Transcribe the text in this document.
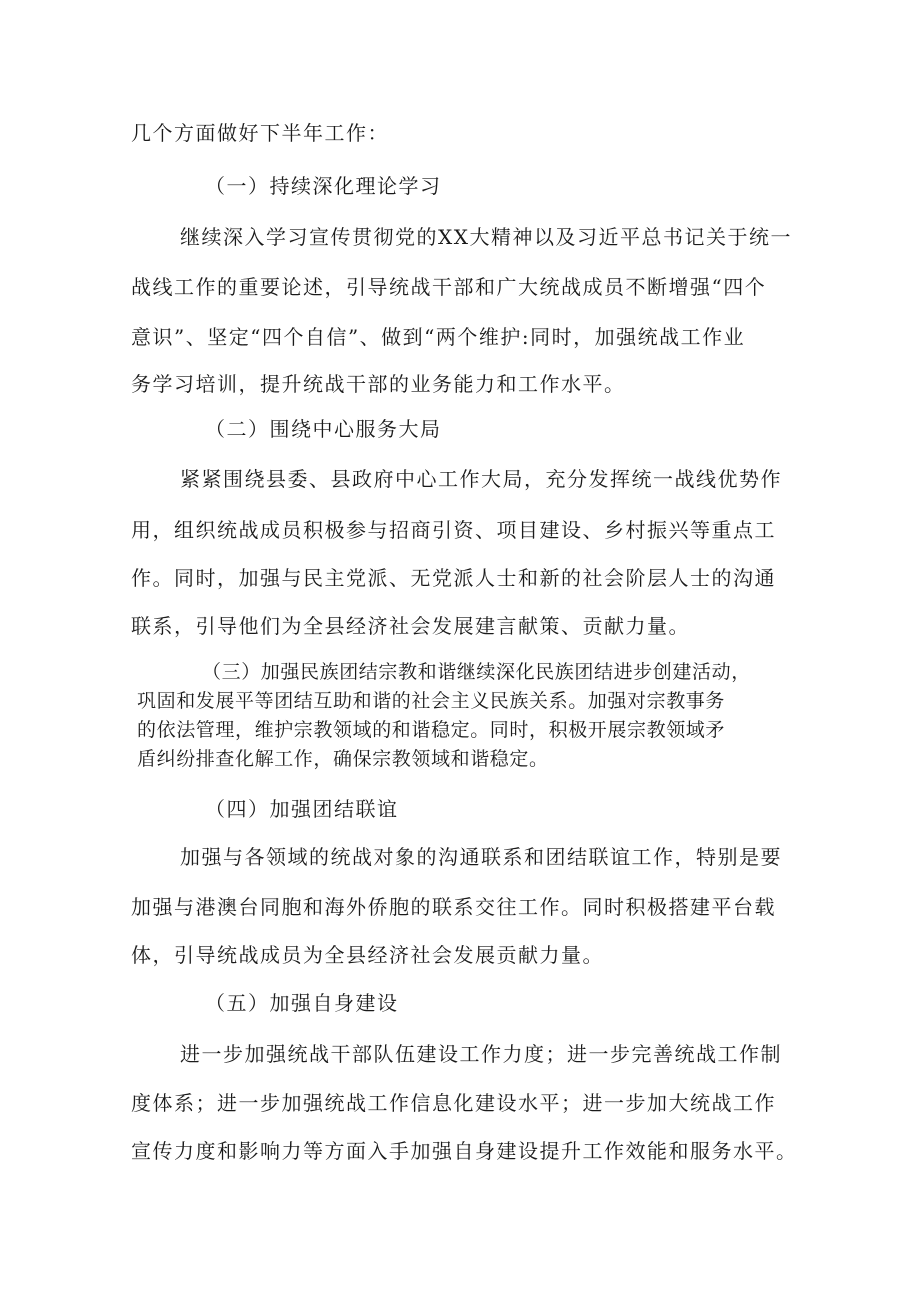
几个方面做好下半年工作：
（一）持续深化理论学习
继续深入学习宣传贯彻党的XX大精神以及习近平总书记关于统一
战线工作的重要论述，引导统战干部和广大统战成员不断增强“四个
意识”、坚定“四个自信”、做到“两个维护:同时，加强统战工作业
务学习培训，提升统战干部的业务能力和工作水平。
（二）围绕中心服务大局
紧紧围绕县委、县政府中心工作大局，充分发挥统一战线优势作
用，组织统战成员积极参与招商引资、项目建设、乡村振兴等重点工
作。同时，加强与民主党派、无党派人士和新的社会阶层人士的沟通
联系，引导他们为全县经济社会发展建言献策、贡献力量。
（三）加强民族团结宗教和谐继续深化民族团结进步创建活动，
巩固和发展平等团结互助和谐的社会主义民族关系。加强对宗教事务
的依法管理，维护宗教领域的和谐稳定。同时，积极开展宗教领域矛
盾纠纷排查化解工作，确保宗教领域和谐稳定。
（四）加强团结联谊
加强与各领域的统战对象的沟通联系和团结联谊工作，特别是要
加强与港澳台同胞和海外侨胞的联系交往工作。同时积极搭建平台载
体，引导统战成员为全县经济社会发展贡献力量。
（五）加强自身建设
进一步加强统战干部队伍建设工作力度；进一步完善统战工作制
度体系；进一步加强统战工作信息化建设水平；进一步加大统战工作
宣传力度和影响力等方面入手加强自身建设提升工作效能和服务水平。
